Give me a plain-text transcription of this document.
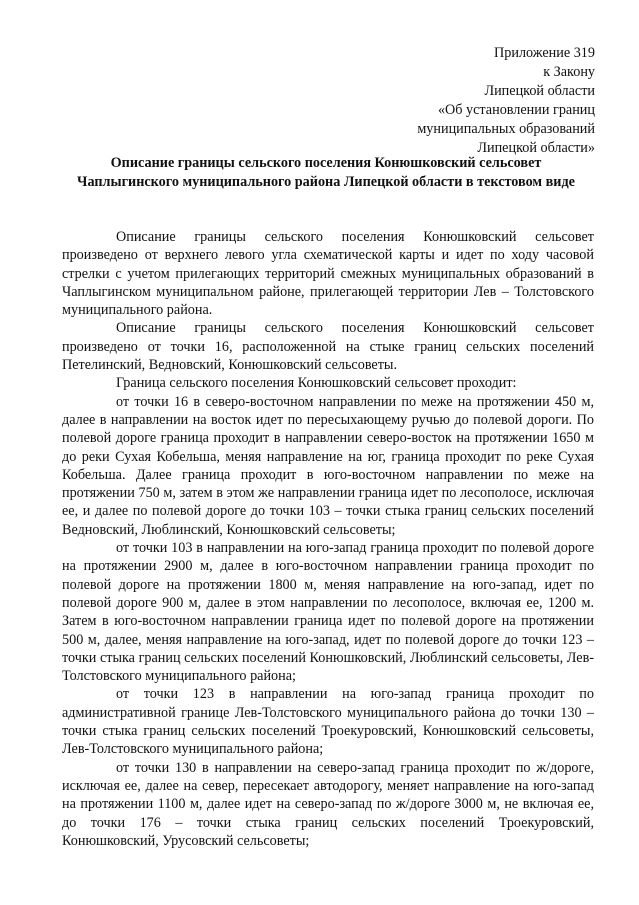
Приложение 319
к Закону
Липецкой области
«Об установлении границ
муниципальных образований
Липецкой области»
Описание границы сельского поселения Конюшковский сельсовет Чаплыгинского муниципального района Липецкой области в текстовом виде

Описание границы сельского поселения Конюшковский сельсовет произведено от верхнего левого угла схематической карты и идет по ходу часовой стрелки с учетом прилегающих территорий смежных муниципальных образований в Чаплыгинском муниципальном районе, прилегающей территории Лев – Толстовского муниципального района.

Описание границы сельского поселения Конюшковский сельсовет произведено от точки 16, расположенной на стыке границ сельских поселений Петелинский, Ведновский, Конюшковский сельсоветы.

Граница сельского поселения Конюшковский сельсовет проходит:

от точки 16 в северо-восточном направлении по меже на протяжении 450 м, далее в направлении на восток идет по пересыхающему ручью до полевой дороги. По полевой дороге граница проходит в направлении северо-восток на протяжении 1650 м до реки Сухая Кобельша, меняя направление на юг, граница проходит по реке Сухая Кобельша. Далее граница проходит в юго-восточном направлении по меже на протяжении 750 м, затем в этом же направлении граница идет по лесополосе, исключая ее, и далее по полевой дороге до точки 103 – точки стыка границ сельских поселений Ведновский, Люблинский, Конюшковский сельсоветы;

от точки 103 в направлении на юго-запад граница проходит по полевой дороге на протяжении 2900 м, далее в юго-восточном направлении граница проходит по полевой дороге на протяжении 1800 м, меняя направление на юго-запад, идет по полевой дороге 900 м, далее в этом направлении по лесополосе, включая ее, 1200 м. Затем в юго-восточном направлении граница идет по полевой дороге на протяжении 500 м, далее, меняя направление на юго-запад, идет по полевой дороге до точки 123 – точки стыка границ сельских поселений Конюшковский, Люблинский сельсоветы, Лев-Толстовского муниципального района;

от точки 123 в направлении на юго-запад граница проходит по административной границе Лев-Толстовского муниципального района до точки 130 – точки стыка границ сельских поселений Троекуровский, Конюшковский сельсоветы, Лев-Толстовского муниципального района;

от точки 130 в направлении на северо-запад граница проходит по ж/дороге, исключая ее, далее на север, пересекает автодорогу, меняет направление на юго-запад на протяжении 1100 м, далее идет на северо-запад по ж/дороге 3000 м, не включая ее, до точки 176 – точки стыка границ сельских поселений Троекуровский, Конюшковский, Урусовский сельсоветы;
